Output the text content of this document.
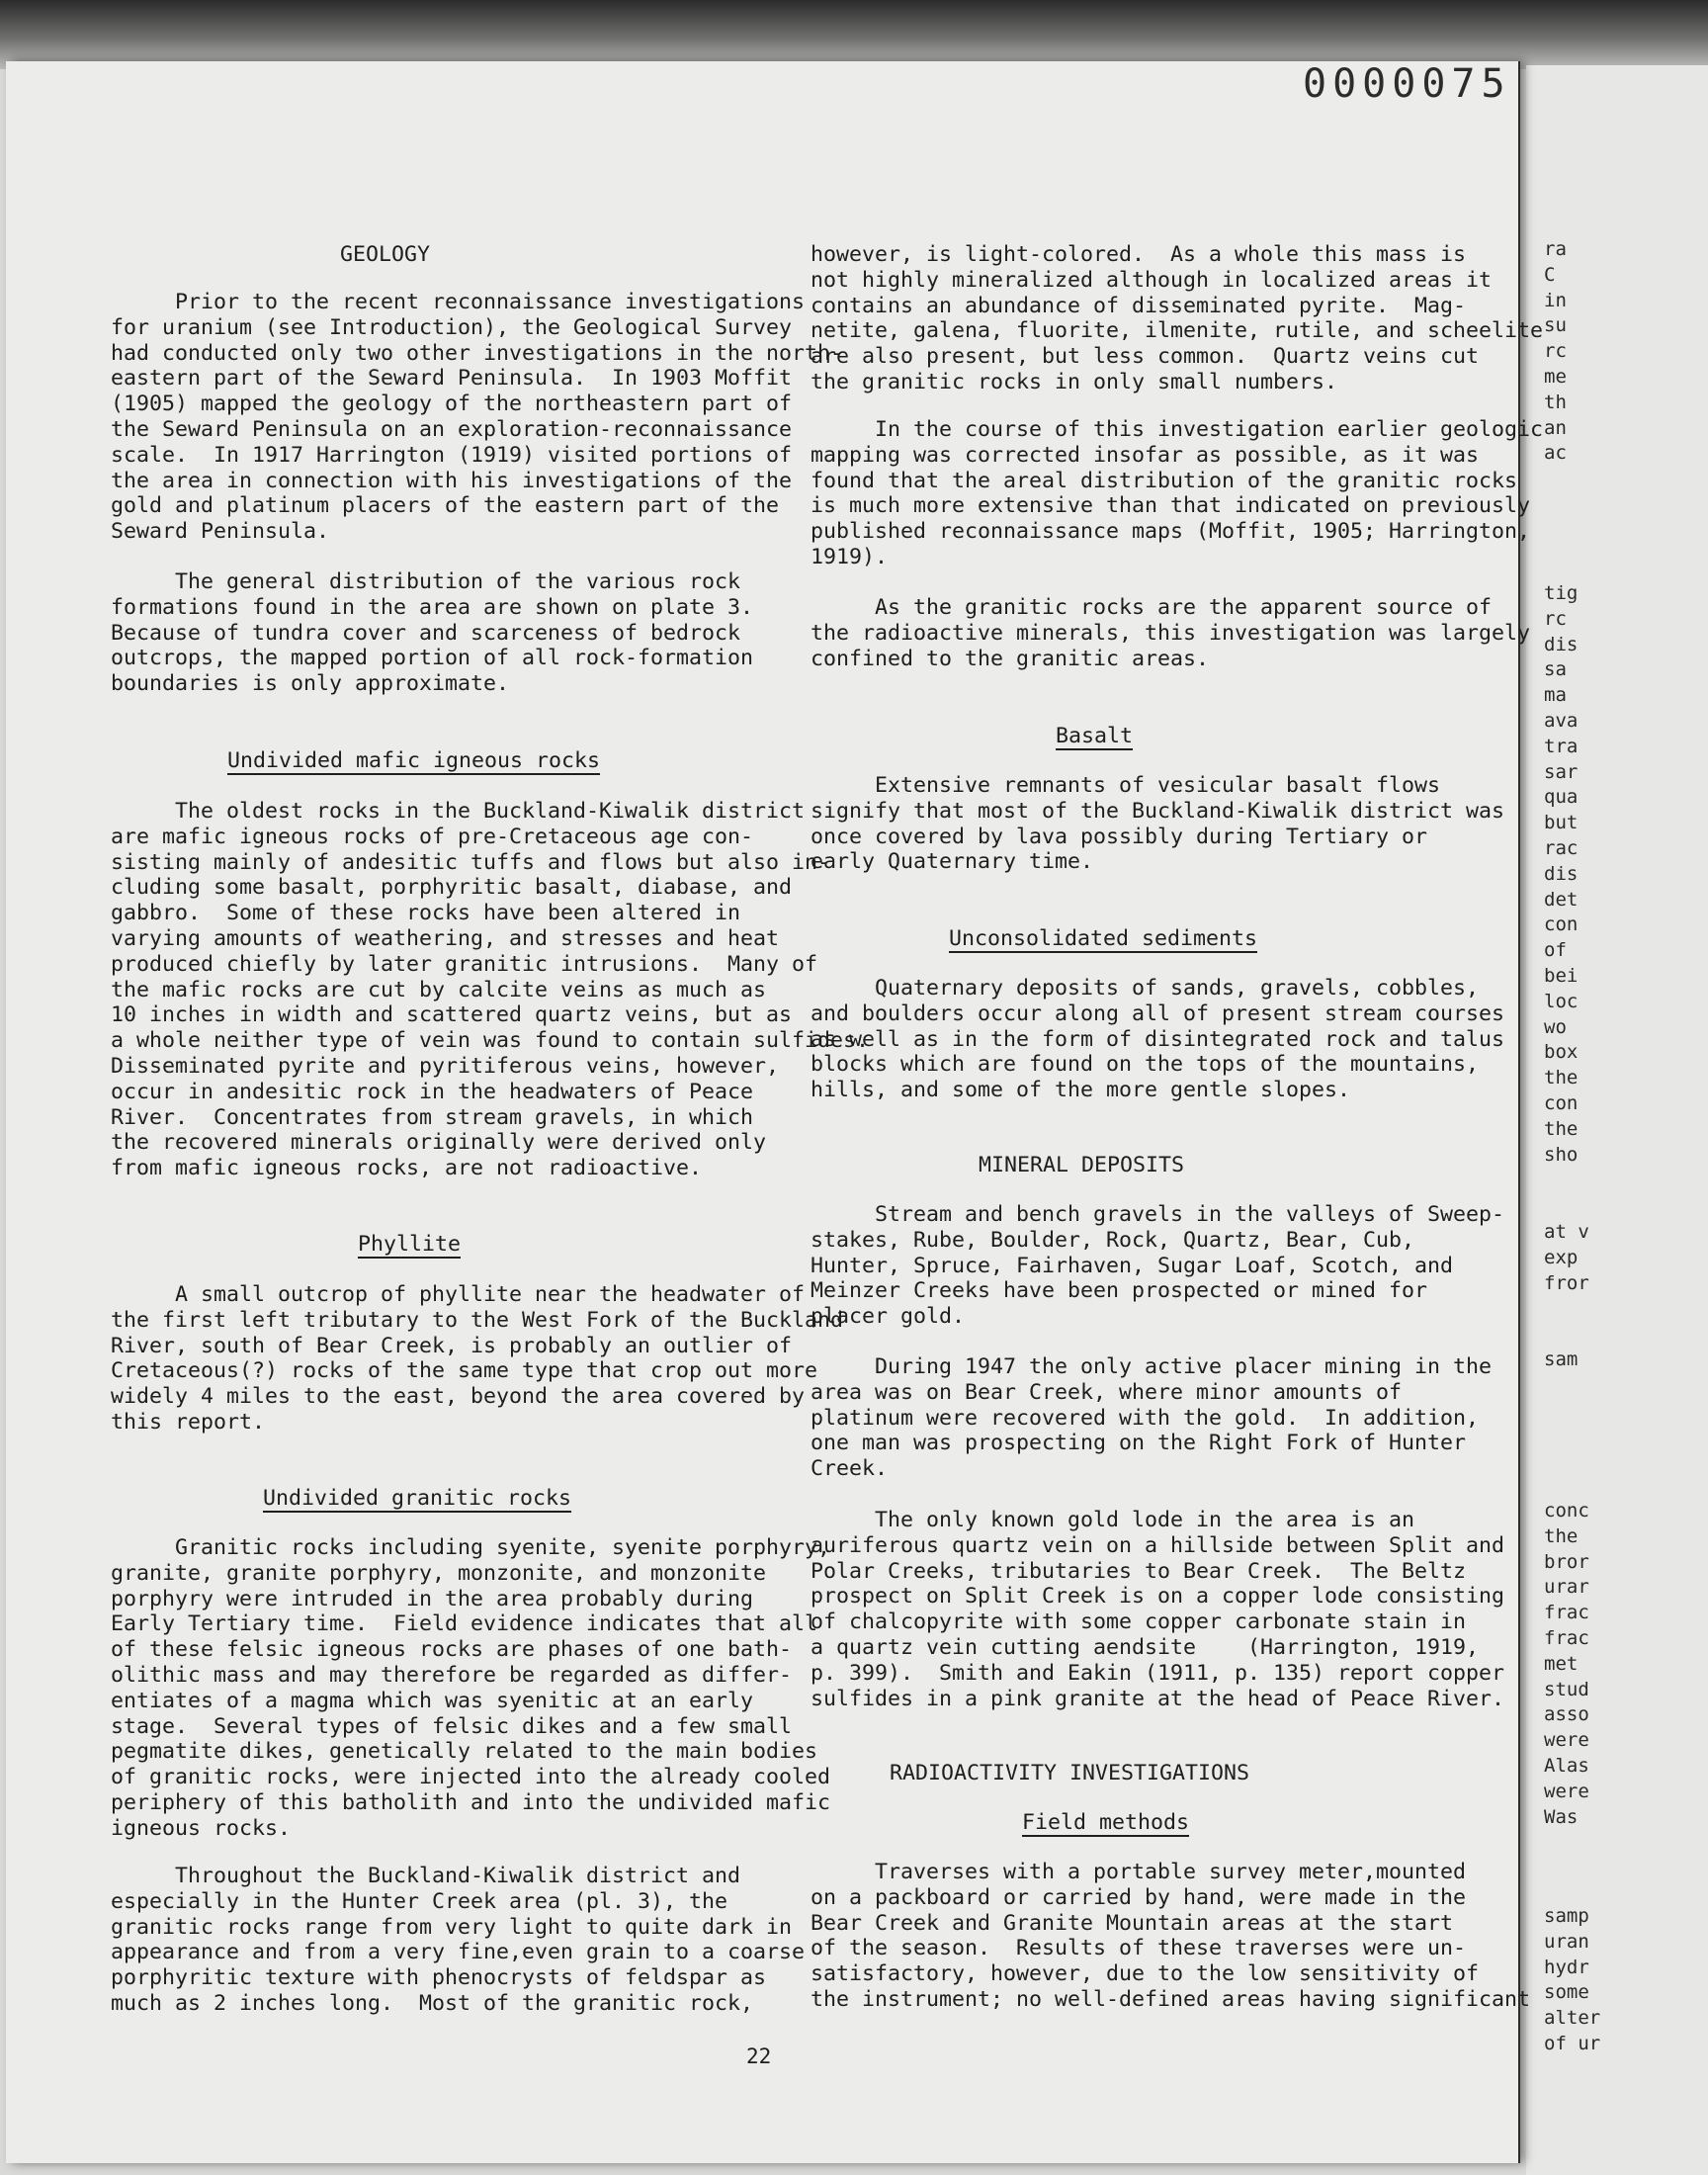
ra
C
in
su
rc
me
th
an
ac
tig
rc
dis
sa
ma
ava
tra
sar
qua
but
rac
dis
det
con
of
bei
loc
wo
box
the
con
the
sho
at v
exp
fror
sam
conc
the
bror
urar
frac
frac
met
stud
asso
were
Alas
were
Was
samp
uran
hydr
some
alter
of ur
0000075
GEOLOGY
Prior to the recent reconnaissance investigations
for uranium (see Introduction), the Geological Survey
had conducted only two other investigations in the north-
eastern part of the Seward Peninsula.  In 1903 Moffit
(1905) mapped the geology of the northeastern part of
the Seward Peninsula on an exploration-reconnaissance
scale.  In 1917 Harrington (1919) visited portions of
the area in connection with his investigations of the
gold and platinum placers of the eastern part of the
Seward Peninsula.
The general distribution of the various rock
formations found in the area are shown on plate 3.
Because of tundra cover and scarceness of bedrock
outcrops, the mapped portion of all rock-formation
boundaries is only approximate.
Undivided mafic igneous rocks
The oldest rocks in the Buckland-Kiwalik district
are mafic igneous rocks of pre-Cretaceous age con-
sisting mainly of andesitic tuffs and flows but also in-
cluding some basalt, porphyritic basalt, diabase, and
gabbro.  Some of these rocks have been altered in
varying amounts of weathering, and stresses and heat
produced chiefly by later granitic intrusions.  Many of
the mafic rocks are cut by calcite veins as much as
10 inches in width and scattered quartz veins, but as
a whole neither type of vein was found to contain sulfides.
Disseminated pyrite and pyritiferous veins, however,
occur in andesitic rock in the headwaters of Peace
River.  Concentrates from stream gravels, in which
the recovered minerals originally were derived only
from mafic igneous rocks, are not radioactive.
Phyllite
A small outcrop of phyllite near the headwater of
the first left tributary to the West Fork of the Buckland
River, south of Bear Creek, is probably an outlier of
Cretaceous(?) rocks of the same type that crop out more
widely 4 miles to the east, beyond the area covered by
this report.
Undivided granitic rocks
Granitic rocks including syenite, syenite porphyry,
granite, granite porphyry, monzonite, and monzonite
porphyry were intruded in the area probably during
Early Tertiary time.  Field evidence indicates that all
of these felsic igneous rocks are phases of one bath-
olithic mass and may therefore be regarded as differ-
entiates of a magma which was syenitic at an early
stage.  Several types of felsic dikes and a few small
pegmatite dikes, genetically related to the main bodies
of granitic rocks, were injected into the already cooled
periphery of this batholith and into the undivided mafic
igneous rocks.
Throughout the Buckland-Kiwalik district and
especially in the Hunter Creek area (pl. 3), the
granitic rocks range from very light to quite dark in
appearance and from a very fine,even grain to a coarse
porphyritic texture with phenocrysts of feldspar as
much as 2 inches long.  Most of the granitic rock,
however, is light-colored.  As a whole this mass is
not highly mineralized although in localized areas it
contains an abundance of disseminated pyrite.  Mag-
netite, galena, fluorite, ilmenite, rutile, and scheelite
are also present, but less common.  Quartz veins cut
the granitic rocks in only small numbers.
In the course of this investigation earlier geologic
mapping was corrected insofar as possible, as it was
found that the areal distribution of the granitic rocks
is much more extensive than that indicated on previously
published reconnaissance maps (Moffit, 1905; Harrington,
1919).
As the granitic rocks are the apparent source of
the radioactive minerals, this investigation was largely
confined to the granitic areas.
Basalt
Extensive remnants of vesicular basalt flows
signify that most of the Buckland-Kiwalik district was
once covered by lava possibly during Tertiary or
early Quaternary time.
Unconsolidated sediments
Quaternary deposits of sands, gravels, cobbles,
and boulders occur along all of present stream courses
as well as in the form of disintegrated rock and talus
blocks which are found on the tops of the mountains,
hills, and some of the more gentle slopes.
MINERAL DEPOSITS
Stream and bench gravels in the valleys of Sweep-
stakes, Rube, Boulder, Rock, Quartz, Bear, Cub,
Hunter, Spruce, Fairhaven, Sugar Loaf, Scotch, and
Meinzer Creeks have been prospected or mined for
placer gold.
During 1947 the only active placer mining in the
area was on Bear Creek, where minor amounts of
platinum were recovered with the gold.  In addition,
one man was prospecting on the Right Fork of Hunter
Creek.
The only known gold lode in the area is an
auriferous quartz vein on a hillside between Split and
Polar Creeks, tributaries to Bear Creek.  The Beltz
prospect on Split Creek is on a copper lode consisting
of chalcopyrite with some copper carbonate stain in
a quartz vein cutting aendsite    (Harrington, 1919,
p. 399).  Smith and Eakin (1911, p. 135) report copper
sulfides in a pink granite at the head of Peace River.
RADIOACTIVITY INVESTIGATIONS
Field methods
Traverses with a portable survey meter,mounted
on a packboard or carried by hand, were made in the
Bear Creek and Granite Mountain areas at the start
of the season.  Results of these traverses were un-
satisfactory, however, due to the low sensitivity of
the instrument; no well-defined areas having significant
22
